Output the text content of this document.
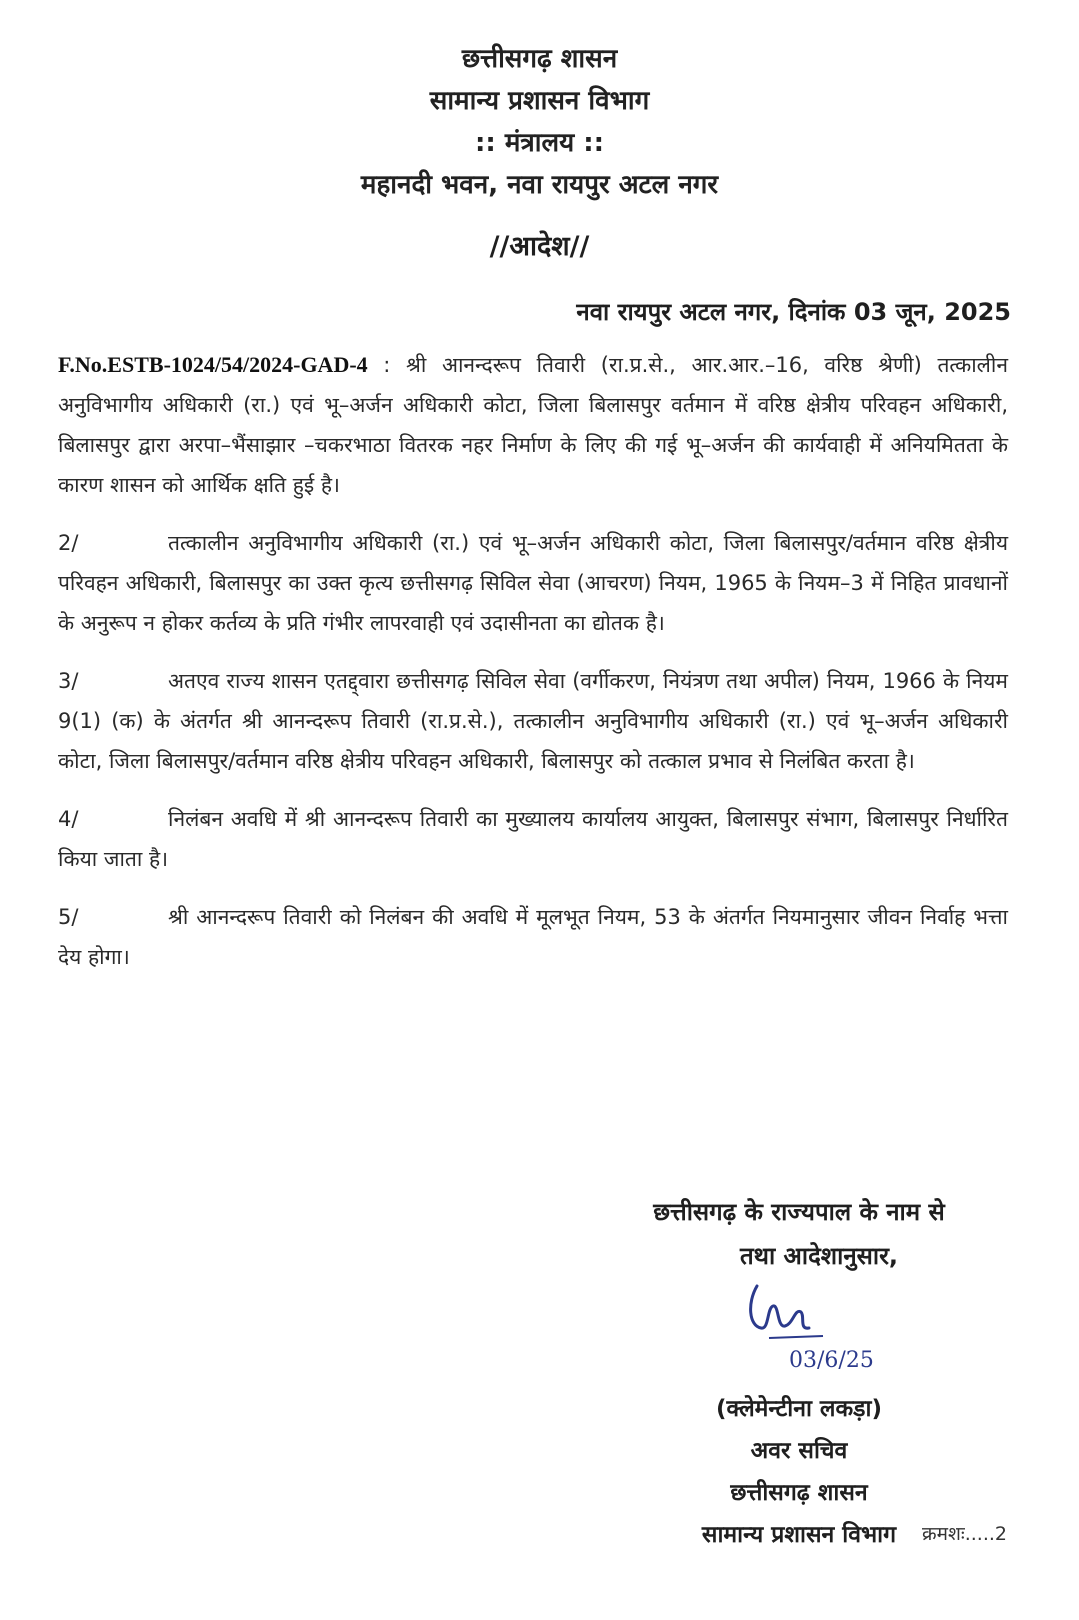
छत्तीसगढ़ शासन
सामान्य प्रशासन विभाग
:: मंत्रालय ::
महानदी भवन, नवा रायपुर अटल नगर
//आदेश//
नवा रायपुर अटल नगर, दिनांक 03 जून, 2025

F.No.ESTB-1024/54/2024-GAD-4 : श्री आनन्दरूप तिवारी (रा.प्र.से., आर.आर.–16, वरिष्ठ श्रेणी) तत्कालीन अनुविभागीय अधिकारी (रा.) एवं भू–अर्जन अधिकारी कोटा, जिला बिलासपुर वर्तमान में वरिष्ठ क्षेत्रीय परिवहन अधिकारी, बिलासपुर द्वारा अरपा–भैंसाझार –चकरभाठा वितरक नहर निर्माण के लिए की गई भू–अर्जन की कार्यवाही में अनियमितता के कारण शासन को आर्थिक क्षति हुई है।

2/	तत्कालीन अनुविभागीय अधिकारी (रा.) एवं भू–अर्जन अधिकारी कोटा, जिला बिलासपुर/वर्तमान वरिष्ठ क्षेत्रीय परिवहन अधिकारी, बिलासपुर का उक्त कृत्य छत्तीसगढ़ सिविल सेवा (आचरण) नियम, 1965 के नियम–3 में निहित प्रावधानों के अनुरूप न होकर कर्तव्य के प्रति गंभीर लापरवाही एवं उदासीनता का द्योतक है।

3/	अतएव राज्य शासन एतद्द्वारा छत्तीसगढ़ सिविल सेवा (वर्गीकरण, नियंत्रण तथा अपील) नियम, 1966 के नियम 9(1) (क) के अंतर्गत श्री आनन्दरूप तिवारी (रा.प्र.से.), तत्कालीन अनुविभागीय अधिकारी (रा.) एवं भू–अर्जन अधिकारी कोटा, जिला बिलासपुर/वर्तमान वरिष्ठ क्षेत्रीय परिवहन अधिकारी, बिलासपुर को तत्काल प्रभाव से निलंबित करता है।

4/	निलंबन अवधि में श्री आनन्दरूप तिवारी का मुख्यालय कार्यालय आयुक्त, बिलासपुर संभाग, बिलासपुर निर्धारित किया जाता है।

5/	श्री आनन्दरूप तिवारी को निलंबन की अवधि में मूलभूत नियम, 53 के अंतर्गत नियमानुसार जीवन निर्वाह भत्ता देय होगा।

छत्तीसगढ़ के राज्यपाल के नाम से
तथा आदेशानुसार,
03/6/25
(क्लेमेन्टीना लकड़ा)
अवर सचिव
छत्तीसगढ़ शासन
सामान्य प्रशासन विभाग	क्रमशः.....2
